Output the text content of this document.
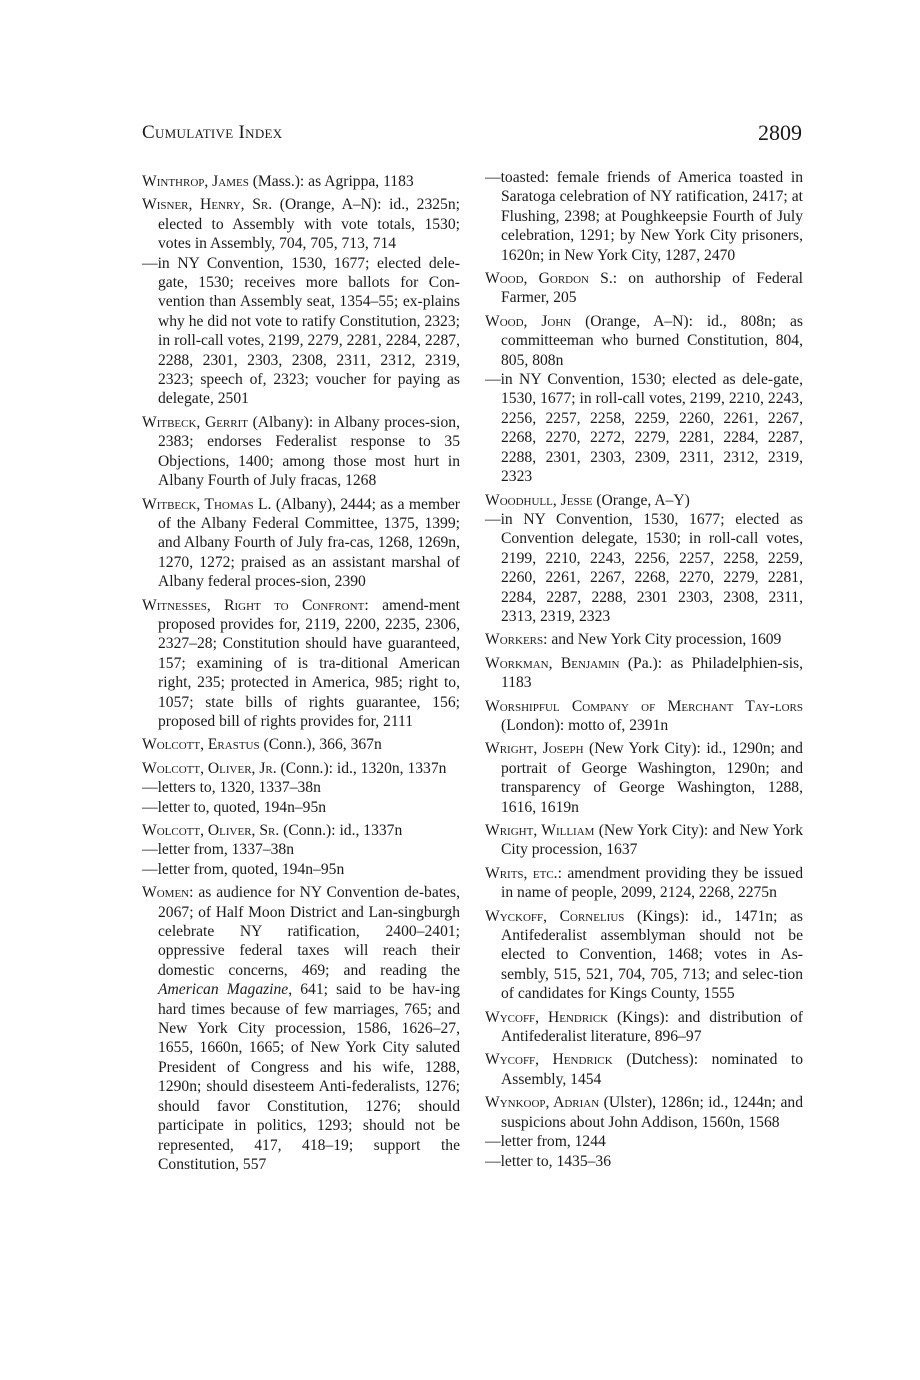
Cumulative Index	2809

Winthrop, James (Mass.): as Agrippa, 1183

Wisner, Henry, Sr. (Orange, A–N): id., 2325n; elected to Assembly with vote totals, 1530; votes in Assembly, 704, 705, 713, 714

—in NY Convention, 1530, 1677; elected dele-gate, 1530; receives more ballots for Con-vention than Assembly seat, 1354–55; ex-plains why he did not vote to ratify Constitution, 2323; in roll-call votes, 2199, 2279, 2281, 2284, 2287, 2288, 2301, 2303, 2308, 2311, 2312, 2319, 2323; speech of, 2323; voucher for paying as delegate, 2501

Witbeck, Gerrit (Albany): in Albany proces-sion, 2383; endorses Federalist response to 35 Objections, 1400; among those most hurt in Albany Fourth of July fracas, 1268

Witbeck, Thomas L. (Albany), 2444; as a member of the Albany Federal Committee, 1375, 1399; and Albany Fourth of July fra-cas, 1268, 1269n, 1270, 1272; praised as an assistant marshal of Albany federal proces-sion, 2390

Witnesses, Right to Confront: amend-ment proposed provides for, 2119, 2200, 2235, 2306, 2327–28; Constitution should have guaranteed, 157; examining of is tra-ditional American right, 235; protected in America, 985; right to, 1057; state bills of rights guarantee, 156; proposed bill of rights provides for, 2111

Wolcott, Erastus (Conn.), 366, 367n

Wolcott, Oliver, Jr. (Conn.): id., 1320n, 1337n

—letters to, 1320, 1337–38n

—letter to, quoted, 194n–95n

Wolcott, Oliver, Sr. (Conn.): id., 1337n

—letter from, 1337–38n

—letter from, quoted, 194n–95n

Women: as audience for NY Convention de-bates, 2067; of Half Moon District and Lan-singburgh celebrate NY ratification, 2400–2401; oppressive federal taxes will reach their domestic concerns, 469; and reading the American Magazine, 641; said to be hav-ing hard times because of few marriages, 765; and New York City procession, 1586, 1626–27, 1655, 1660n, 1665; of New York City saluted President of Congress and his wife, 1288, 1290n; should disesteem Anti-federalists, 1276; should favor Constitution, 1276; should participate in politics, 1293; should not be represented, 417, 418–19; support the Constitution, 557

—toasted: female friends of America toasted in Saratoga celebration of NY ratification, 2417; at Flushing, 2398; at Poughkeepsie Fourth of July celebration, 1291; by New York City prisoners, 1620n; in New York City, 1287, 2470

Wood, Gordon S.: on authorship of Federal Farmer, 205

Wood, John (Orange, A–N): id., 808n; as committeeman who burned Constitution, 804, 805, 808n

—in NY Convention, 1530; elected as dele-gate, 1530, 1677; in roll-call votes, 2199, 2210, 2243, 2256, 2257, 2258, 2259, 2260, 2261, 2267, 2268, 2270, 2272, 2279, 2281, 2284, 2287, 2288, 2301, 2303, 2309, 2311, 2312, 2319, 2323

Woodhull, Jesse (Orange, A–Y)

—in NY Convention, 1530, 1677; elected as Convention delegate, 1530; in roll-call votes, 2199, 2210, 2243, 2256, 2257, 2258, 2259, 2260, 2261, 2267, 2268, 2270, 2279, 2281, 2284, 2287, 2288, 2301 2303, 2308, 2311, 2313, 2319, 2323

Workers: and New York City procession, 1609

Workman, Benjamin (Pa.): as Philadelphien-sis, 1183

Worshipful Company of Merchant Tay-lors (London): motto of, 2391n

Wright, Joseph (New York City): id., 1290n; and portrait of George Washington, 1290n; and transparency of George Washington, 1288, 1616, 1619n

Wright, William (New York City): and New York City procession, 1637

Writs, etc.: amendment providing they be issued in name of people, 2099, 2124, 2268, 2275n

Wyckoff, Cornelius (Kings): id., 1471n; as Antifederalist assemblyman should not be elected to Convention, 1468; votes in As-sembly, 515, 521, 704, 705, 713; and selec-tion of candidates for Kings County, 1555

Wycoff, Hendrick (Kings): and distribution of Antifederalist literature, 896–97

Wycoff, Hendrick (Dutchess): nominated to Assembly, 1454

Wynkoop, Adrian (Ulster), 1286n; id., 1244n; and suspicions about John Addison, 1560n, 1568

—letter from, 1244

—letter to, 1435–36
